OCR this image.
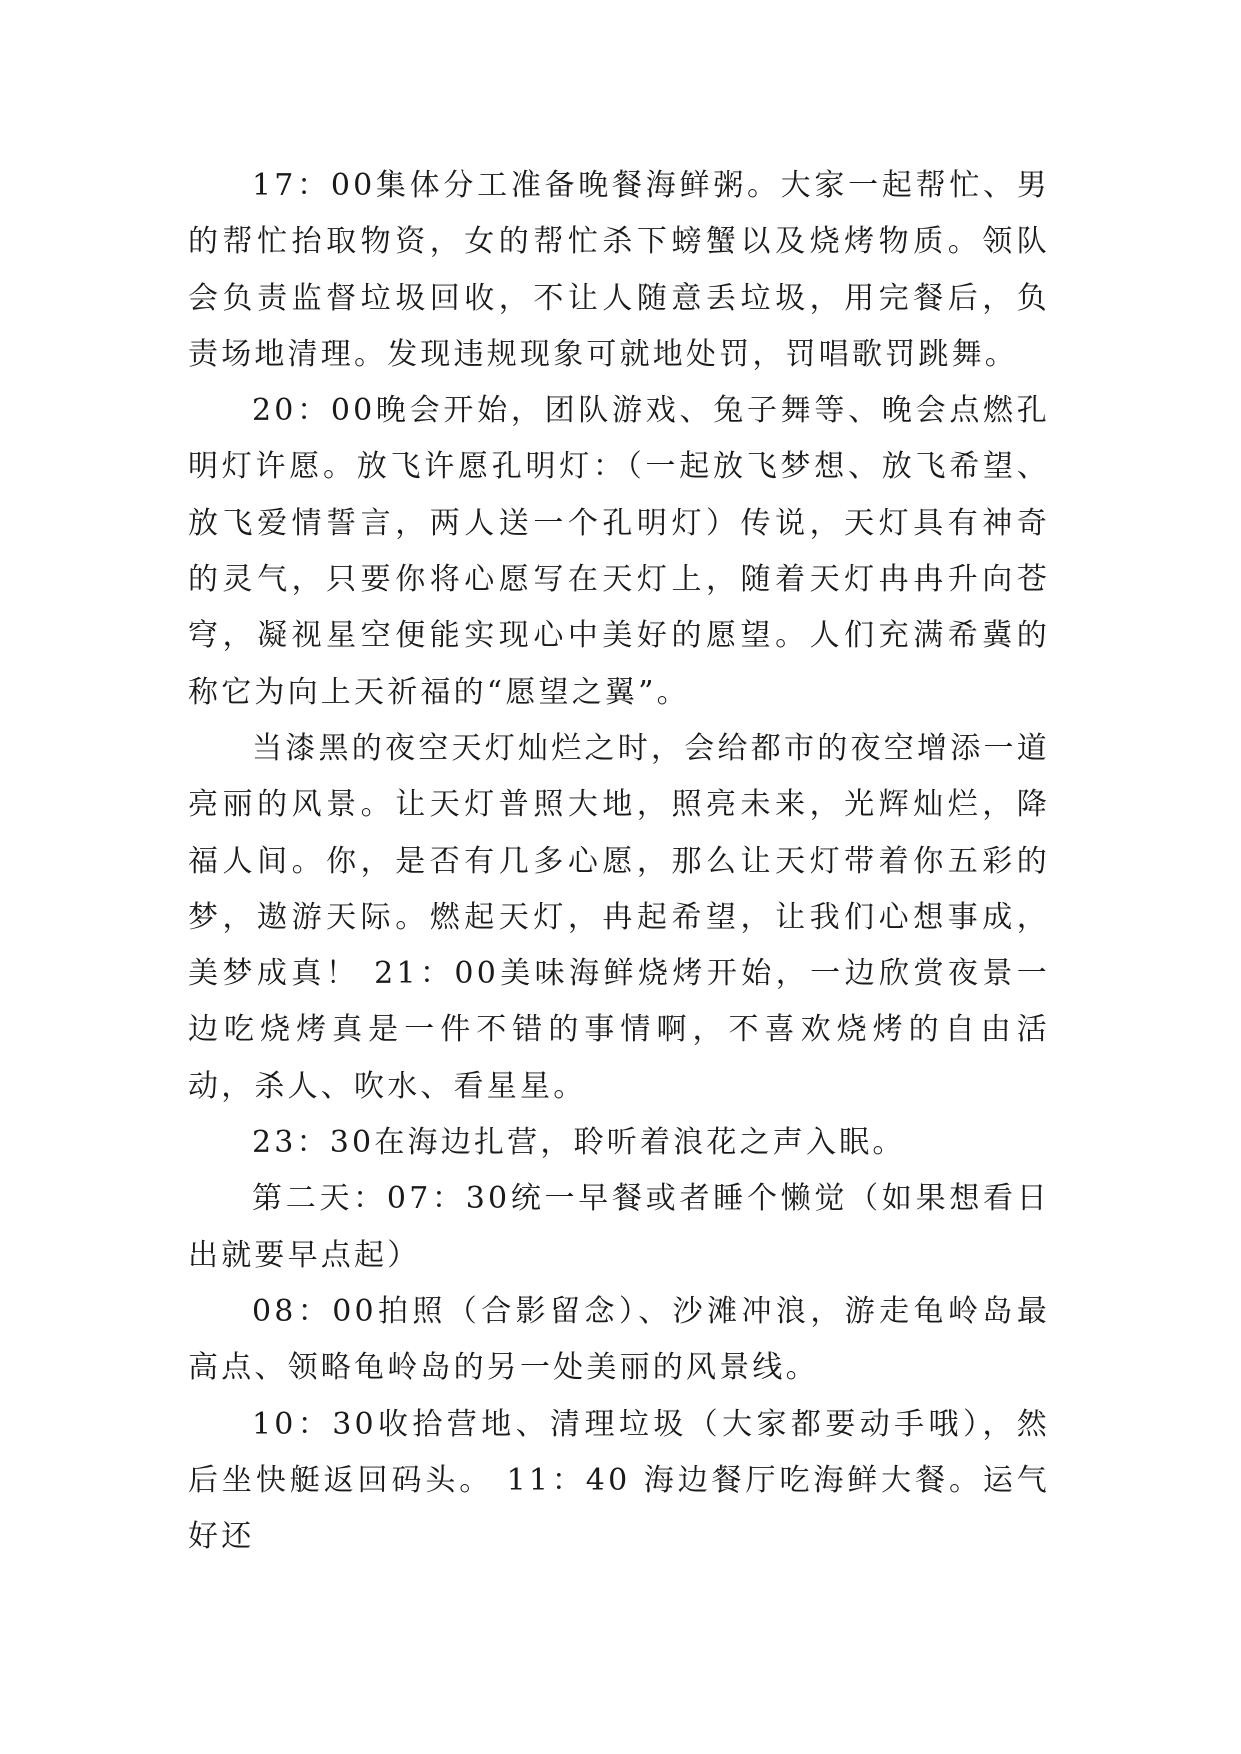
17：00集体分工准备晚餐海鲜粥。大家一起帮忙、男的帮忙抬取物资，女的帮忙杀下螃蟹以及烧烤物质。领队会负责监督垃圾回收，不让人随意丢垃圾，用完餐后，负责场地清理。发现违规现象可就地处罚，罚唱歌罚跳舞。

20：00晚会开始，团队游戏、兔子舞等、晚会点燃孔明灯许愿。放飞许愿孔明灯：（一起放飞梦想、放飞希望、放飞爱情誓言，两人送一个孔明灯）传说，天灯具有神奇的灵气，只要你将心愿写在天灯上，随着天灯冉冉升向苍穹，凝视星空便能实现心中美好的愿望。人们充满希冀的称它为向上天祈福的“愿望之翼”。

当漆黑的夜空天灯灿烂之时，会给都市的夜空增添一道亮丽的风景。让天灯普照大地，照亮未来，光辉灿烂，降福人间。你，是否有几多心愿，那么让天灯带着你五彩的梦，遨游天际。燃起天灯，冉起希望，让我们心想事成，美梦成真！ 21：00美味海鲜烧烤开始，一边欣赏夜景一边吃烧烤真是一件不错的事情啊，不喜欢烧烤的自由活动，杀人、吹水、看星星。

23：30在海边扎营，聆听着浪花之声入眠。

第二天：07：30统一早餐或者睡个懒觉（如果想看日出就要早点起）

08：00拍照（合影留念）、沙滩冲浪，游走龟岭岛最高点、领略龟岭岛的另一处美丽的风景线。

10：30收拾营地、清理垃圾（大家都要动手哦），然后坐快艇返回码头。 11：40 海边餐厅吃海鲜大餐。运气好还
